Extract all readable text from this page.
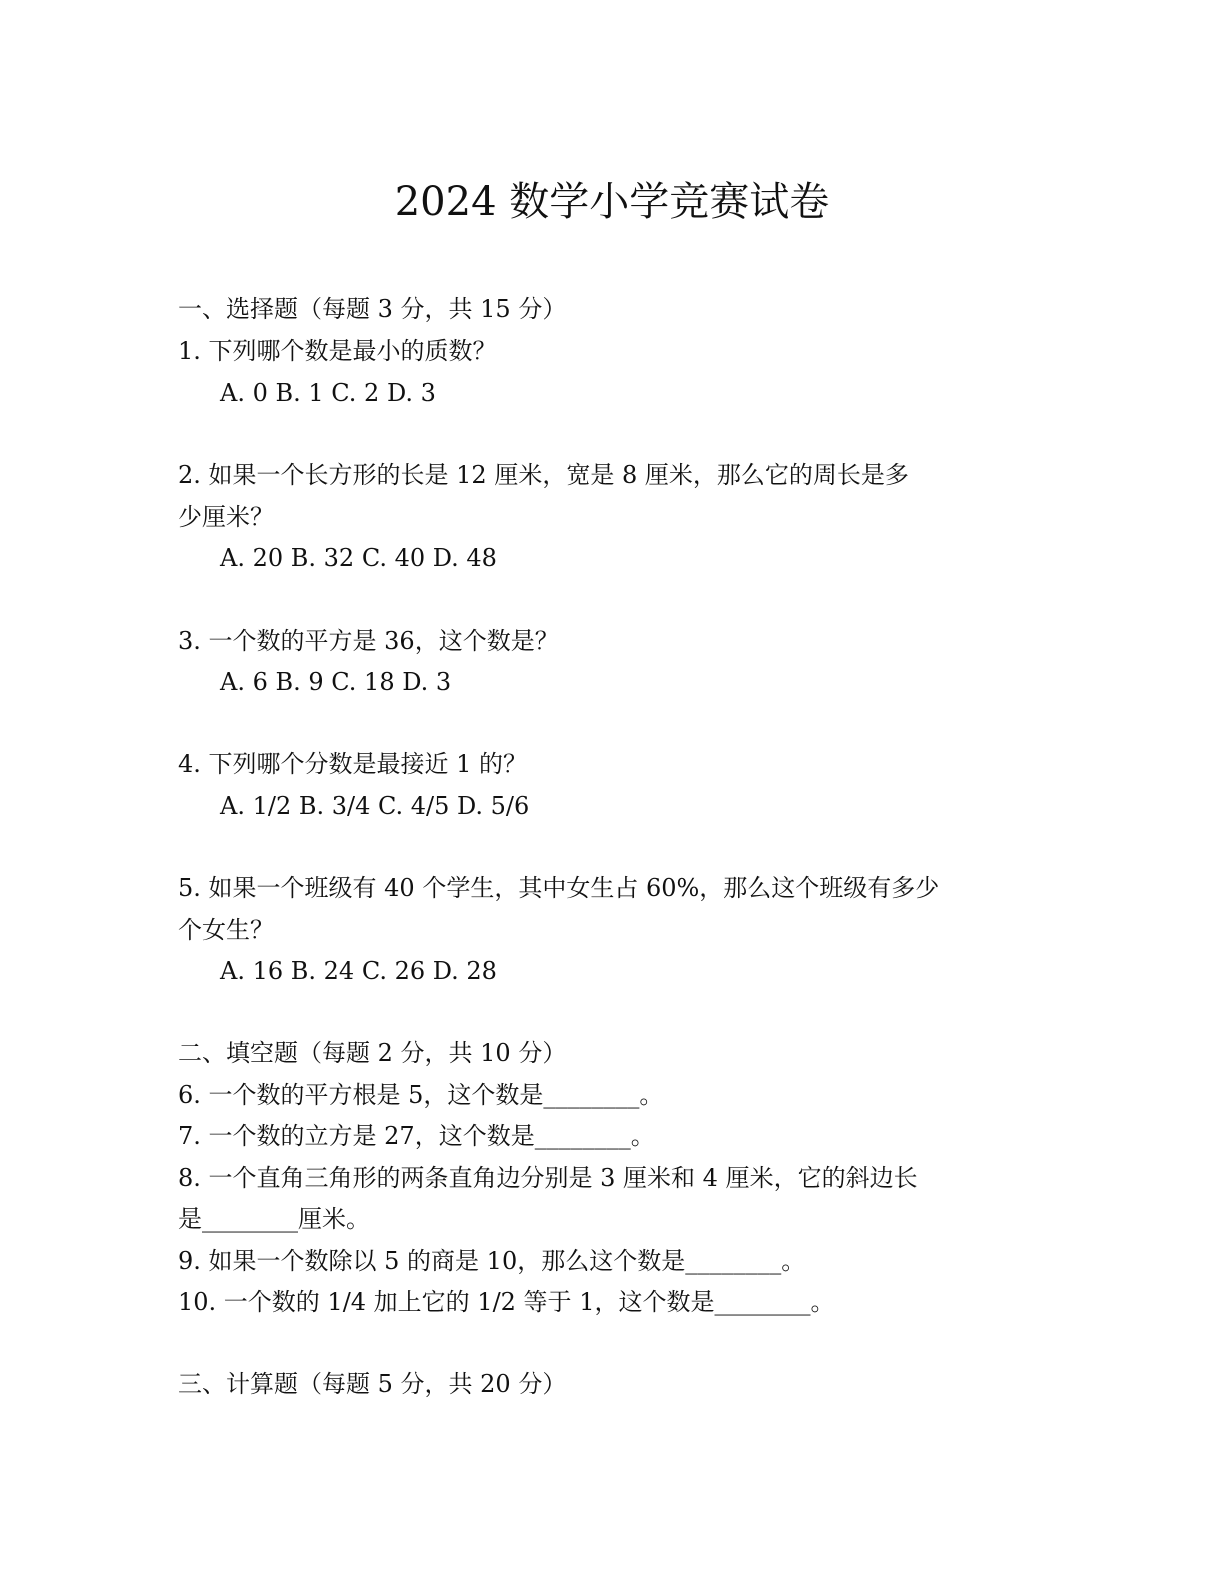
2024 数学小学竞赛试卷
一、选择题（每题 3 分，共 15 分）
1. 下列哪个数是最小的质数？
A. 0 B. 1 C. 2 D. 3
2. 如果一个长方形的长是 12 厘米，宽是 8 厘米，那么它的周长是多
少厘米？
A. 20 B. 32 C. 40 D. 48
3. 一个数的平方是 36，这个数是？
A. 6 B. 9 C. 18 D. 3
4. 下列哪个分数是最接近 1 的？
A. 1/2 B. 3/4 C. 4/5 D. 5/6
5. 如果一个班级有 40 个学生，其中女生占 60%，那么这个班级有多少
个女生？
A. 16 B. 24 C. 26 D. 28
二、填空题（每题 2 分，共 10 分）
6. 一个数的平方根是 5，这个数是________。
7. 一个数的立方是 27，这个数是________。
8. 一个直角三角形的两条直角边分别是 3 厘米和 4 厘米，它的斜边长
是________厘米。
9. 如果一个数除以 5 的商是 10，那么这个数是________。
10. 一个数的 1/4 加上它的 1/2 等于 1，这个数是________。
三、计算题（每题 5 分，共 20 分）
